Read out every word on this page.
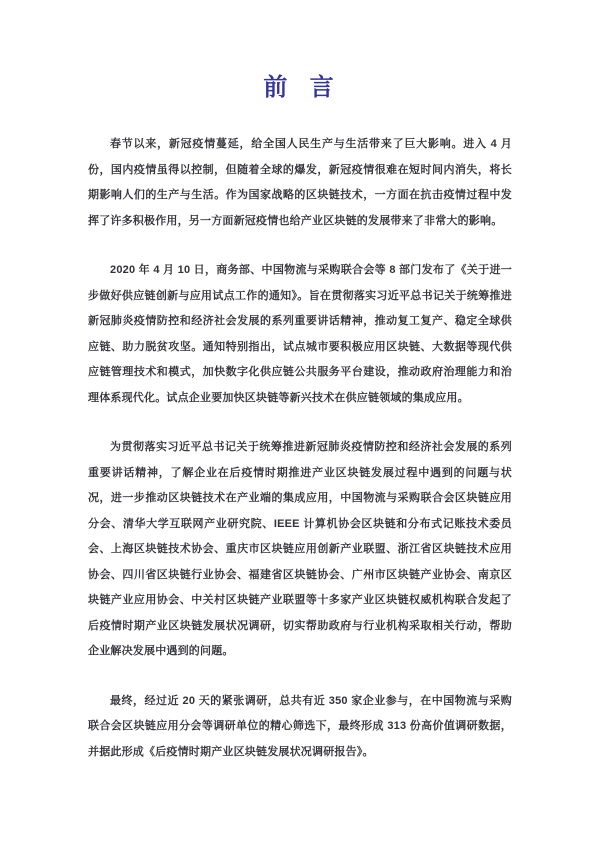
前  言

春节以来，新冠疫情蔓延，给全国人民生产与生活带来了巨大影响。进入 4 月份，国内疫情虽得以控制，但随着全球的爆发，新冠疫情很难在短时间内消失，将长期影响人们的生产与生活。作为国家战略的区块链技术，一方面在抗击疫情过程中发挥了许多积极作用，另一方面新冠疫情也给产业区块链的发展带来了非常大的影响。

2020 年 4 月 10 日，商务部、中国物流与采购联合会等 8 部门发布了《关于进一步做好供应链创新与应用试点工作的通知》。旨在贯彻落实习近平总书记关于统筹推进新冠肺炎疫情防控和经济社会发展的系列重要讲话精神，推动复工复产、稳定全球供应链、助力脱贫攻坚。通知特别指出，试点城市要积极应用区块链、大数据等现代供应链管理技术和模式，加快数字化供应链公共服务平台建设，推动政府治理能力和治理体系现代化。试点企业要加快区块链等新兴技术在供应链领域的集成应用。

为贯彻落实习近平总书记关于统筹推进新冠肺炎疫情防控和经济社会发展的系列重要讲话精神，了解企业在后疫情时期推进产业区块链发展过程中遇到的问题与状况，进一步推动区块链技术在产业端的集成应用，中国物流与采购联合会区块链应用分会、清华大学互联网产业研究院、IEEE 计算机协会区块链和分布式记账技术委员会、上海区块链技术协会、重庆市区块链应用创新产业联盟、浙江省区块链技术应用协会、四川省区块链行业协会、福建省区块链协会、广州市区块链产业协会、南京区块链产业应用协会、中关村区块链产业联盟等十多家产业区块链权威机构联合发起了后疫情时期产业区块链发展状况调研，切实帮助政府与行业机构采取相关行动，帮助企业解决发展中遇到的问题。

最终，经过近 20 天的紧张调研，总共有近 350 家企业参与，在中国物流与采购联合会区块链应用分会等调研单位的精心筛选下，最终形成 313 份高价值调研数据，并据此形成《后疫情时期产业区块链发展状况调研报告》。
